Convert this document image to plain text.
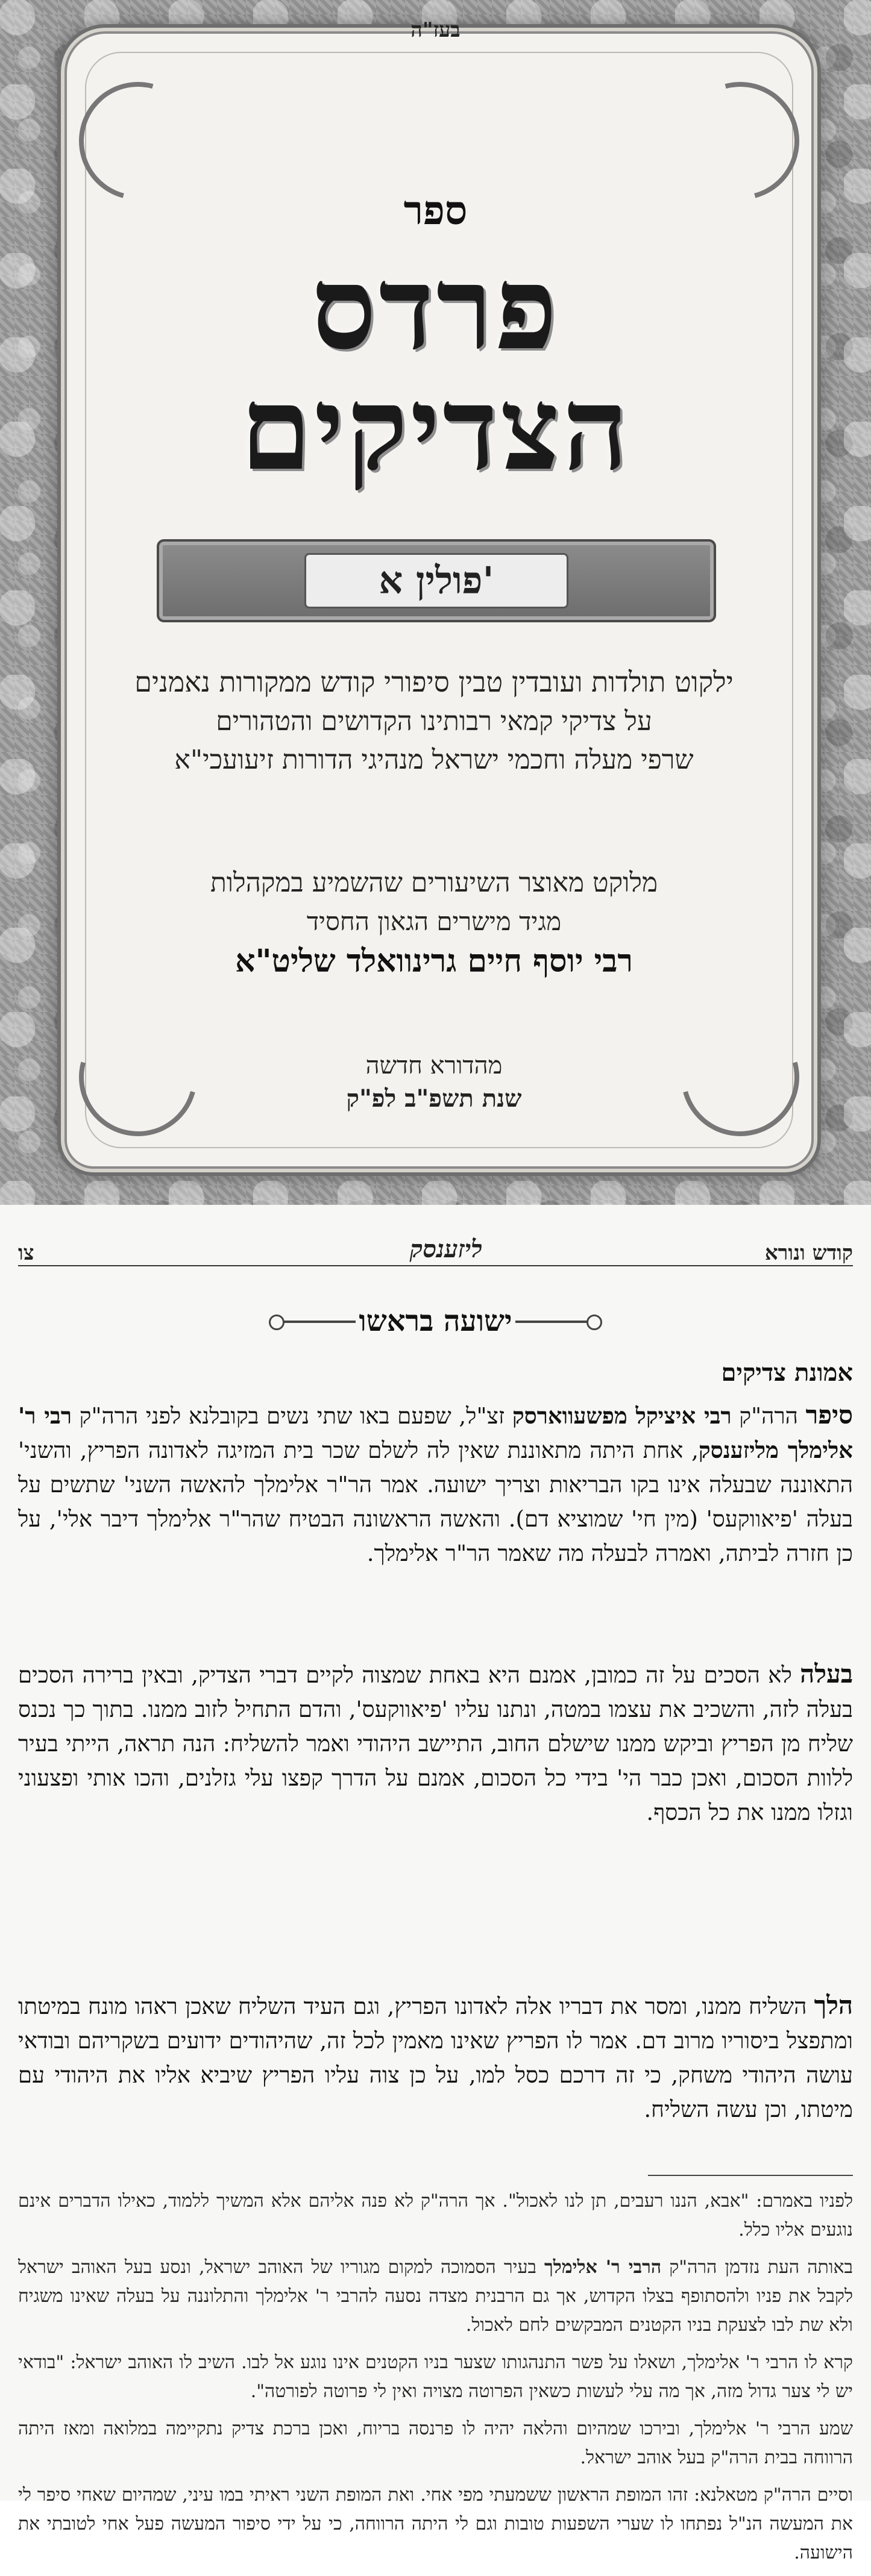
בעז"ה
ספר
פרדס
הצדיקים
פולין א'
ילקוט תולדות ועובדין טבין סיפורי קודש ממקורות נאמנים
על צדיקי קמאי רבותינו הקדושים והטהורים
שרפי מעלה וחכמי ישראל מנהיגי הדורות זיעועכי"א
מלוקט מאוצר השיעורים שהשמיע במקהלות
מגיד מישרים הגאון החסיד
רבי יוסף חיים גרינוואלד שליט"א
מהדורא חדשה
שנת תשפ"ב לפ"ק
קודש ונורא
ליזענסק
צו
ישועה בראשו
אמונת צדיקים
סיפר הרה"ק רבי איציקל מפשעווארסק זצ"ל, שפעם באו שתי נשים בקובלנא לפני הרה"ק רבי ר' אלימלך מליזענסק, אחת היתה מתאוננת שאין לה לשלם שכר בית המזיגה לאדונה הפריץ, והשני' התאוננה שבעלה אינו בקו הבריאות וצריך ישועה. אמר הר"ר אלימלך להאשה השני' שתשים על בעלה 'פיאווקעס' (מין חי' שמוציא דם). והאשה הראשונה הבטיח שהר"ר אלימלך דיבר אלי', על כן חזרה לביתה, ואמרה לבעלה מה שאמר הר"ר אלימלך.
בעלה לא הסכים על זה כמובן, אמנם היא באחת שמצוה לקיים דברי הצדיק, ובאין ברירה הסכים בעלה לזה, והשכיב את עצמו במטה, ונתנו עליו 'פיאווקעס', והדם התחיל לזוב ממנו. בתוך כך נכנס שליח מן הפריץ וביקש ממנו שישלם החוב, התיישב היהודי ואמר להשליח: הנה תראה, הייתי בעיר ללוות הסכום, ואכן כבר הי' בידי כל הסכום, אמנם על הדרך קפצו עלי גזלנים, והכו אותי ופצעוני וגזלו ממנו את כל הכסף.
הלך השליח ממנו, ומסר את דבריו אלה לאדונו הפריץ, וגם העיד השליח שאכן ראהו מונח במיטתו ומתפצל ביסוריו מרוב דם. אמר לו הפריץ שאינו מאמין לכל זה, שהיהודים ידועים בשקריהם ובודאי עושה היהודי משחק, כי זה דרכם כסל למו, על כן צוה עליו הפריץ שיביא אליו את היהודי עם מיטתו, וכן עשה השליח.

לפניו באמרם: "אבא, הננו רעבים, תן לנו לאכול". אך הרה"ק לא פנה אליהם אלא המשיך ללמוד, כאילו הדברים אינם נוגעים אליו כלל.

באותה העת נזדמן הרה"ק הרבי ר' אלימלך בעיר הסמוכה למקום מגוריו של האוהב ישראל, ונסע בעל האוהב ישראל לקבל את פניו ולהסתופף בצלו הקדוש, אך גם הרבנית מצדה נסעה להרבי ר' אלימלך והתלוננה על בעלה שאינו משגיח ולא שת לבו לצעקת בניו הקטנים המבקשים לחם לאכול.

קרא לו הרבי ר' אלימלך, ושאלו על פשר התנהגותו שצער בניו הקטנים אינו נוגע אל לבו. השיב לו האוהב ישראל: "בודאי יש לי צער גדול מזה, אך מה עלי לעשות כשאין הפרוטה מצויה ואין לי פרוטה לפורטה".

שמע הרבי ר' אלימלך, ובירכו שמהיום והלאה יהיה לו פרנסה בריוח, ואכן ברכת צדיק נתקיימה במלואה ומאז היתה הרווחה בבית הרה"ק בעל אוהב ישראל.

וסיים הרה"ק מטאלנא: זהו המופת הראשון ששמעתי מפי אחי. ואת המופת השני ראיתי במו עיני, שמהיום שאחי סיפר לי את המעשה הנ"ל נפתחו לו שערי השפעות טובות וגם לי היתה הרווחה, כי על ידי סיפור המעשה פעל אחי לטובתי את הישועה.
